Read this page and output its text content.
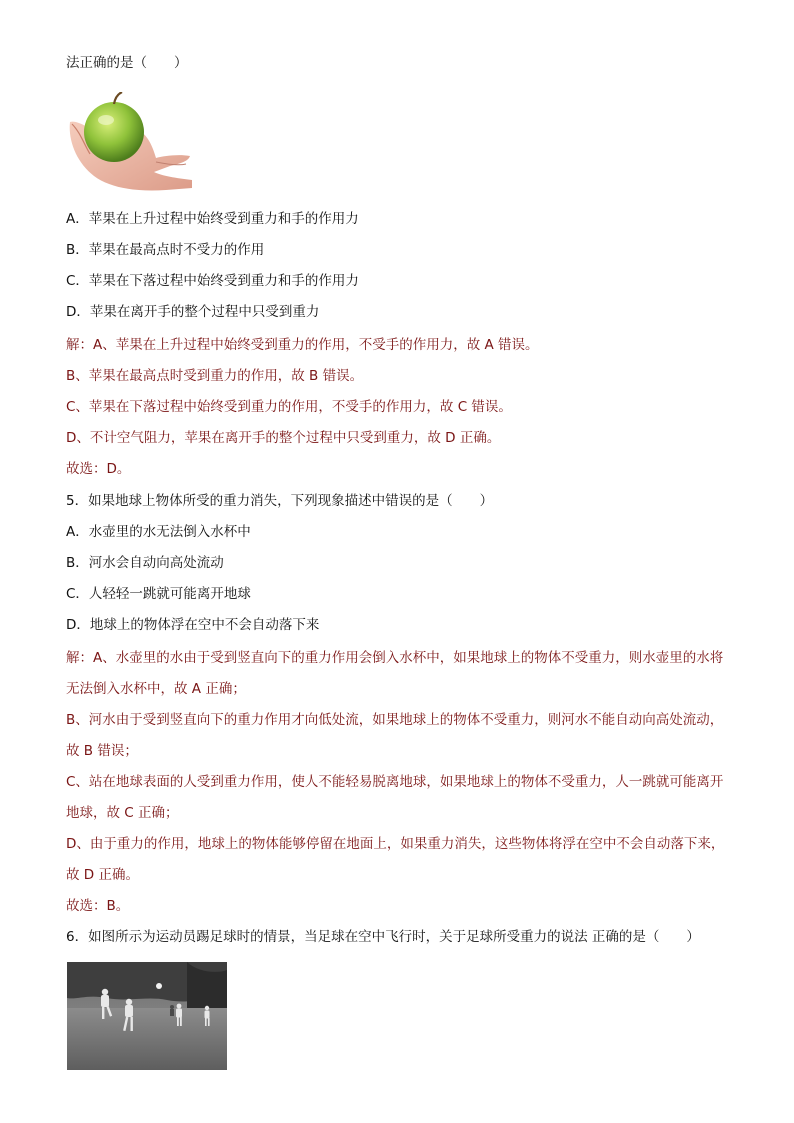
法正确的是（　　）
A．苹果在上升过程中始终受到重力和手的作用力
B．苹果在最高点时不受力的作用
C．苹果在下落过程中始终受到重力和手的作用力
D．苹果在离开手的整个过程中只受到重力
解：A、苹果在上升过程中始终受到重力的作用，不受手的作用力，故 A 错误。
B、苹果在最高点时受到重力的作用，故 B 错误。
C、苹果在下落过程中始终受到重力的作用，不受手的作用力，故 C 错误。
D、不计空气阻力，苹果在离开手的整个过程中只受到重力，故 D 正确。
故选：D。
5．如果地球上物体所受的重力消失，下列现象描述中错误的是（　　）
A．水壶里的水无法倒入水杯中
B．河水会自动向高处流动
C．人轻轻一跳就可能离开地球
D．地球上的物体浮在空中不会自动落下来
解：A、水壶里的水由于受到竖直向下的重力作用会倒入水杯中，如果地球上的物体不受重力，则水壶里的水将
无法倒入水杯中，故 A 正确；
B、河水由于受到竖直向下的重力作用才向低处流，如果地球上的物体不受重力，则河水不能自动向高处流动，
故 B 错误；
C、站在地球表面的人受到重力作用，使人不能轻易脱离地球，如果地球上的物体不受重力，人一跳就可能离开
地球，故 C 正确；
D、由于重力的作用，地球上的物体能够停留在地面上，如果重力消失，这些物体将浮在空中不会自动落下来，
故 D 正确。
故选：B。
6．如图所示为运动员踢足球时的情景，当足球在空中飞行时，关于足球所受重力的说法 正确的是（　　）
